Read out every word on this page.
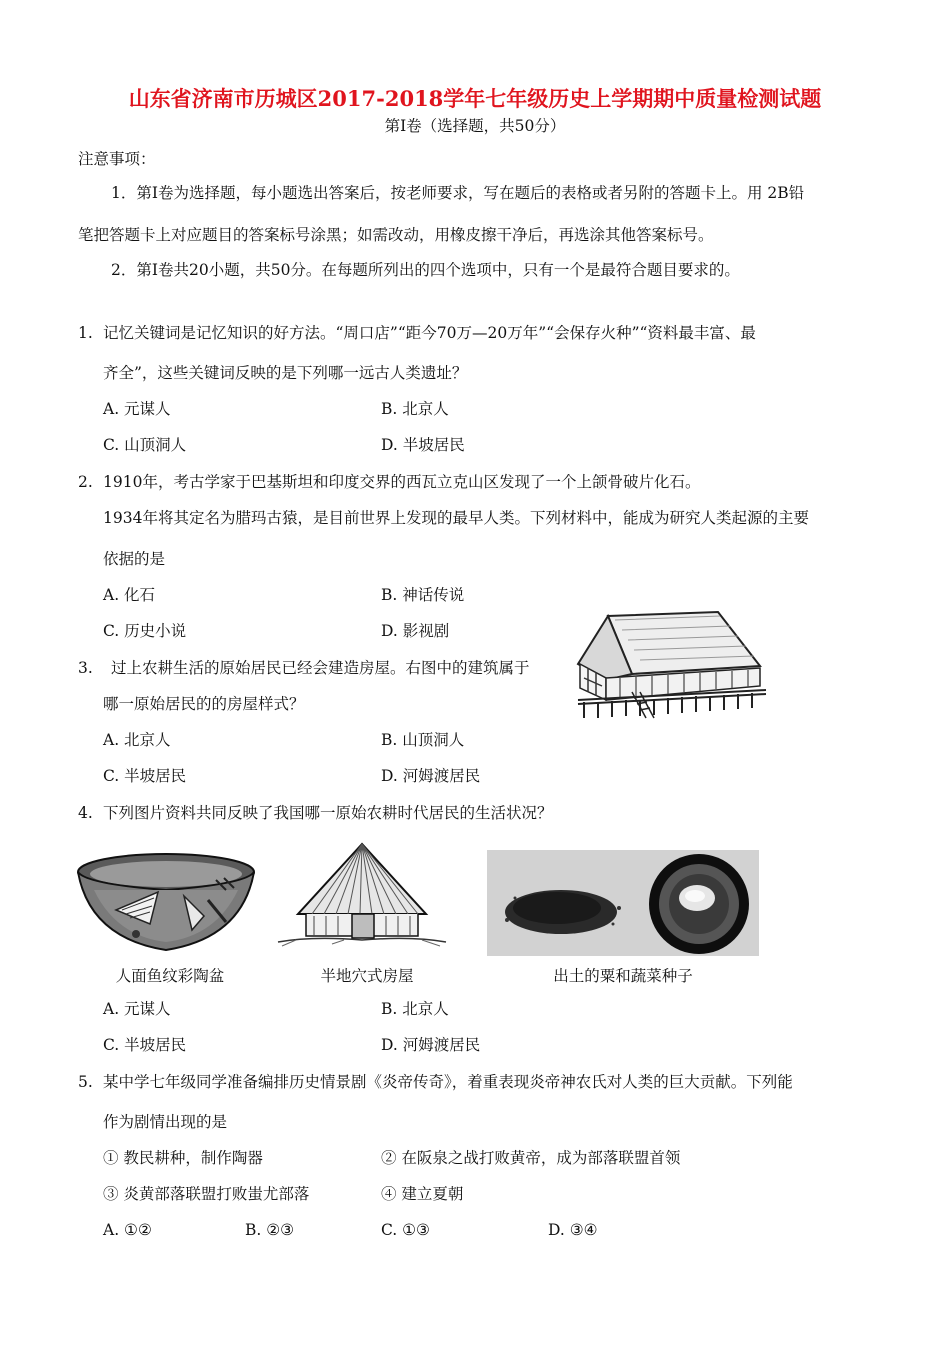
山东省济南市历城区2017-2018学年七年级历史上学期期中质量检测试题
第Ⅰ卷（选择题，共50分）
注意事项：
1．第Ⅰ卷为选择题，每小题选出答案后，按老师要求，写在题后的表格或者另附的答题卡上。用 2B铅
笔把答题卡上对应题目的答案标号涂黑；如需改动，用橡皮擦干净后，再选涂其他答案标号。
2．第Ⅰ卷共20小题，共50分。在每题所列出的四个选项中，只有一个是最符合题目要求的。
1. 记忆关键词是记忆知识的好方法。“周口店”“距今70万—20万年”“会保存火种”“资料最丰富、最
齐全”，这些关键词反映的是下列哪一远古人类遗址？
A. 元谋人	B. 北京人
C. 山顶洞人	D. 半坡居民
2. 1910年，考古学家于巴基斯坦和印度交界的西瓦立克山区发现了一个上颌骨破片化石。
1934年将其定名为腊玛古猿，是目前世界上发现的最早人类。下列材料中，能成为研究人类起源的主要
依据的是
A. 化石	B. 神话传说
C. 历史小说	D. 影视剧
3. 过上农耕生活的原始居民已经会建造房屋。右图中的建筑属于
哪一原始居民的的房屋样式？
A. 北京人	B. 山顶洞人
C. 半坡居民	D. 河姆渡居民
4. 下列图片资料共同反映了我国哪一原始农耕时代居民的生活状况？
人面鱼纹彩陶盆	半地穴式房屋	出土的粟和蔬菜种子
A. 元谋人	B. 北京人
C. 半坡居民	D. 河姆渡居民
5. 某中学七年级同学准备编排历史情景剧《炎帝传奇》，着重表现炎帝神农氏对人类的巨大贡献。下列能
作为剧情出现的是
① 教民耕种，制作陶器	② 在阪泉之战打败黄帝，成为部落联盟首领
③ 炎黄部落联盟打败蚩尤部落	④ 建立夏朝
A. ①②	B. ②③	C. ①③	D. ③④
